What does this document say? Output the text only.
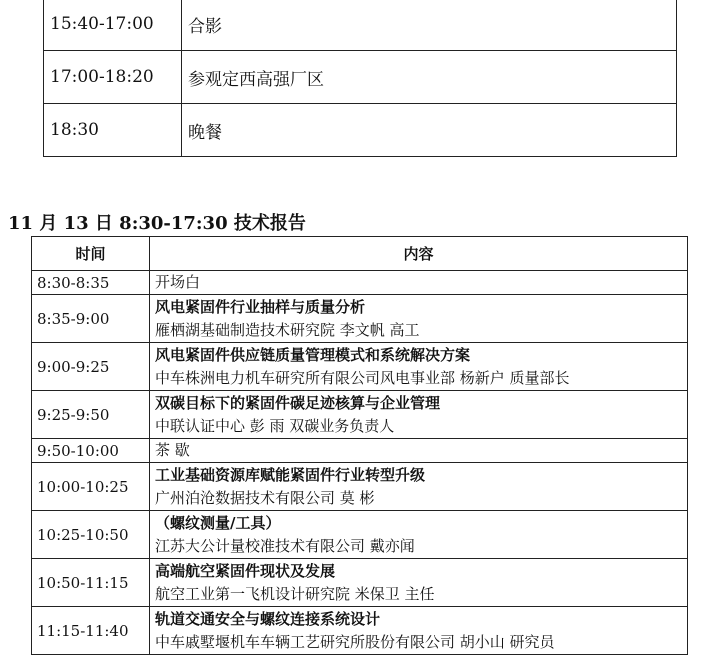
15:40-17:00	合影
17:00-18:20	参观定西高强厂区
18:30	晚餐
11 月 13 日 8:30-17:30 技术报告
时间	内容
8:30-8:35	开场白

8:35-9:00	风电紧固件行业抽样与质量分析
雁栖湖基础制造技术研究院 李文帆 高工

9:00-9:25	风电紧固件供应链质量管理模式和系统解决方案
中车株洲电力机车研究所有限公司风电事业部 杨新户 质量部长

9:25-9:50	双碳目标下的紧固件碳足迹核算与企业管理
中联认证中心 彭 雨 双碳业务负责人

9:50-10:00	茶 歇

10:00-10:25	工业基础资源库赋能紧固件行业转型升级
广州泊沧数据技术有限公司 莫 彬

10:25-10:50	（螺纹测量/工具）
江苏大公计量校准技术有限公司 戴亦闻

10:50-11:15	高端航空紧固件现状及发展
航空工业第一飞机设计研究院 米保卫 主任

11:15-11:40	轨道交通安全与螺纹连接系统设计
中车戚墅堰机车车辆工艺研究所股份有限公司 胡小山 研究员
